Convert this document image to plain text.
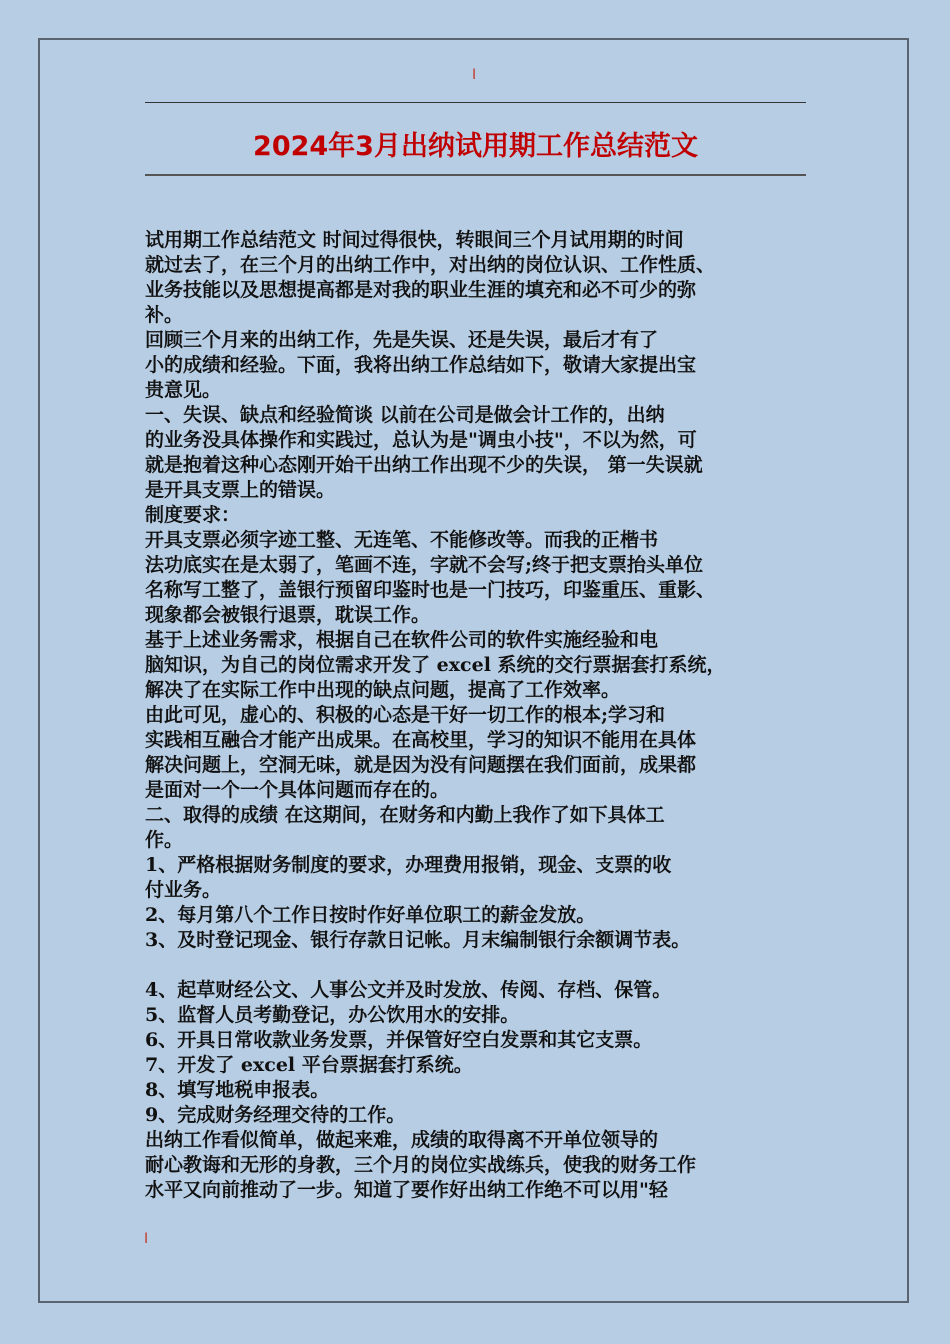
I
2024年3月出纳试用期工作总结范文

试用期工作总结范文 时间过得很快，转眼间三个月试用期的时间

就过去了，在三个月的出纳工作中，对出纳的岗位认识、工作性质、

业务技能以及思想提高都是对我的职业生涯的填充和必不可少的弥

补。

回顾三个月来的出纳工作，先是失误、还是失误，最后才有了

小的成绩和经验。下面，我将出纳工作总结如下，敬请大家提出宝

贵意见。

一、失误、缺点和经验简谈 以前在公司是做会计工作的，出纳

的业务没具体操作和实践过，总认为是"调虫小技"，不以为然，可

就是抱着这种心态刚开始干出纳工作出现不少的失误， 第一失误就

是开具支票上的错误。

制度要求：

开具支票必须字迹工整、无连笔、不能修改等。而我的正楷书

法功底实在是太弱了，笔画不连，字就不会写;终于把支票抬头单位

名称写工整了，盖银行预留印鉴时也是一门技巧，印鉴重压、重影、

现象都会被银行退票，耽误工作。

基于上述业务需求，根据自己在软件公司的软件实施经验和电

脑知识，为自己的岗位需求开发了 excel 系统的交行票据套打系统，

解决了在实际工作中出现的缺点问题，提高了工作效率。

由此可见，虚心的、积极的心态是干好一切工作的根本;学习和

实践相互融合才能产出成果。在高校里，学习的知识不能用在具体

解决问题上，空洞无味，就是因为没有问题摆在我们面前，成果都

是面对一个一个具体问题而存在的。

二、取得的成绩 在这期间，在财务和内勤上我作了如下具体工

作。

1、严格根据财务制度的要求，办理费用报销，现金、支票的收

付业务。

2、每月第八个工作日按时作好单位职工的薪金发放。

3、及时登记现金、银行存款日记帐。月末编制银行余额调节表。

4、起草财经公文、人事公文并及时发放、传阅、存档、保管。

5、监督人员考勤登记，办公饮用水的安排。

6、开具日常收款业务发票，并保管好空白发票和其它支票。

7、开发了 excel 平台票据套打系统。

8、填写地税申报表。

9、完成财务经理交待的工作。

出纳工作看似简单，做起来难，成绩的取得离不开单位领导的

耐心教诲和无形的身教，三个月的岗位实战练兵，使我的财务工作

水平又向前推动了一步。知道了要作好出纳工作绝不可以用"轻

I
